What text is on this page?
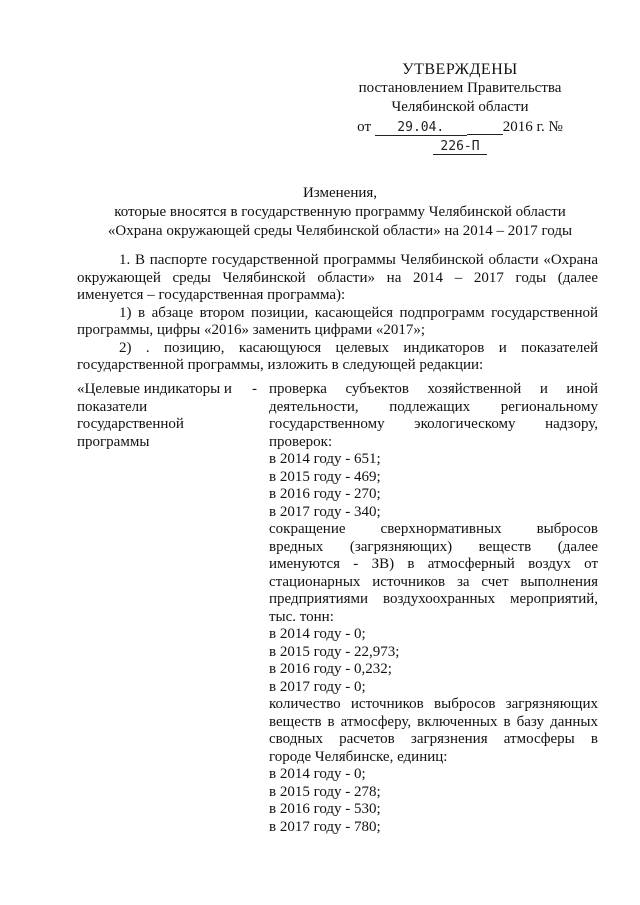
УТВЕРЖДЕНЫ
постановлением Правительства
Челябинской области
от 29.04.	2016 г. № 226-П
Изменения,
которые вносятся в государственную программу Челябинской области
«Охрана окружающей среды Челябинской области» на 2014 – 2017 годы

1. В паспорте государственной программы Челябинской области «Охрана

окружающей среды Челябинской области» на 2014 – 2017 годы (далее

именуется – государственная программа):

1) в абзаце втором позиции, касающейся подпрограмм государственной

программы, цифры «2016» заменить цифрами «2017»;

2) . позицию, касающуюся целевых индикаторов и показателей

государственной программы, изложить в следующей редакции:

«Целевые индикаторы и -

показатели

государственной

программы

проверка субъектов хозяйственной и иной

деятельности, подлежащих региональному

государственному экологическому надзору,

проверок:

в 2014 году - 651;

в 2015 году - 469;

в 2016 году - 270;

в 2017 году - 340;

сокращение сверхнормативных выбросов

вредных (загрязняющих) веществ (далее

именуются - ЗВ) в атмосферный воздух от

стационарных источников за счет выполнения

предприятиями воздухоохранных мероприятий,

тыс. тонн:

в 2014 году - 0;

в 2015 году - 22,973;

в 2016 году - 0,232;

в 2017 году - 0;

количество источников выбросов загрязняющих

веществ в атмосферу, включенных в базу данных

сводных расчетов загрязнения атмосферы в

городе Челябинске, единиц:

в 2014 году - 0;

в 2015 году - 278;

в 2016 году - 530;

в 2017 году - 780;
